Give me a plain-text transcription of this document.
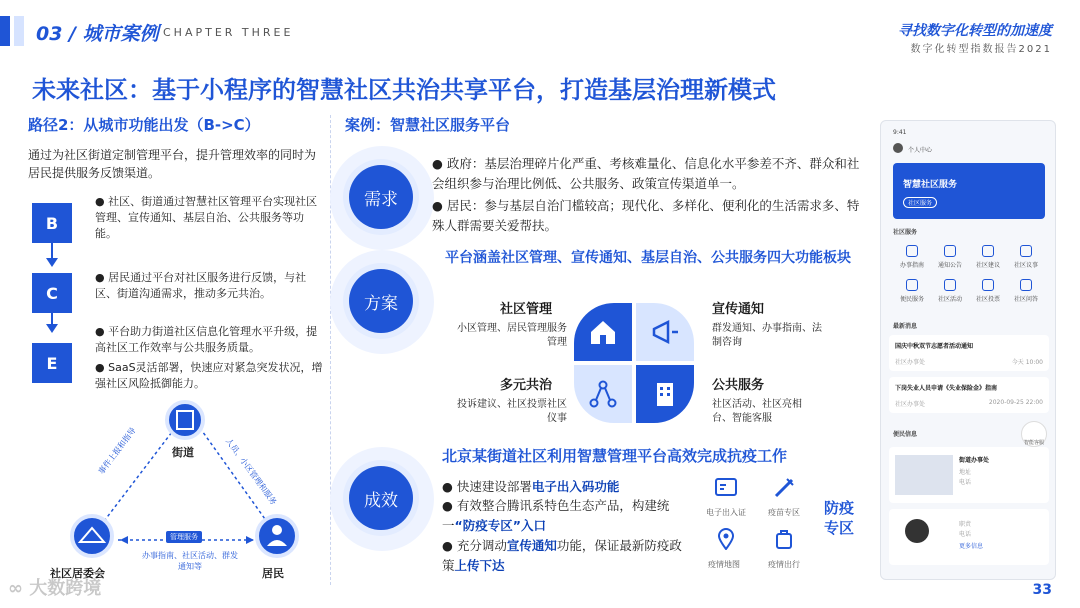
03 / 城市案例 CHAPTER THREE	寻找数字化转型的加速度
数字化转型指数报告2021
未来社区：基于小程序的智慧社区共治共享平台，打造基层治理新模式
路径2：从城市功能出发（B->C）
通过为社区街道定制管理平台，提升管理效率的同时为居民提供服务反馈渠道。
B
C
E
● 社区、街道通过智慧社区管理平台实现社区管理、宣传通知、基层自治、公共服务等功能。
● 居民通过平台对社区服务进行反馈，与社区、街道沟通需求，推动多元共治。
● 平台助力街道社区信息化管理水平升级，提高社区工作效率与公共服务质量。
● SaaS灵活部署，快速应对紧急突发状况，增强社区风险抵御能力。
街道
社区居委会	居民
事件上报和指导	人员、小区管理和服务
管理服务
办事指南、社区活动、群发通知等
案例：智慧社区服务平台
需求
● 政府：基层治理碎片化严重、考核难量化、信息化水平参差不齐、群众和社会组织参与治理比例低、公共服务、政策宣传渠道单一。
● 居民：参与基层自治门槛较高；现代化、多样化、便利化的生活需求多、特殊人群需要关爱帮扶。
方案
平台涵盖社区管理、宣传通知、基层自治、公共服务四大功能板块
社区管理
小区管理、居民管理服务管理
宣传通知
群发通知、办事指南、法制咨询
多元共治
投诉建议、社区投票社区仪事
公共服务
社区活动、社区亮相台、智能客服
北京某街道社区利用智慧管理平台高效完成抗疫工作
成效
● 快速建设部署电子出入码功能
● 有效整合腾讯系特色生态产品，构建统一“防疫专区”入口
● 充分调动宣传通知功能，保证最新防疫政策上传下达
电子出入证	疫苗专区
疫情地图	疫情出行
防疫专区
9:41
个人中心
智慧社区服务
社区服务
社区服务
办事指南 通知公告 社区建议 社区议事
便民服务 社区活动 社区投票 社区问答
最新消息
国庆中秋双节志愿者活动通知
社区办事处	今天 10:00
下岗失业人员申请《失业保险金》指南
社区办事处	2020-09-25 22:00
便民信息
智能客服
街道办事处
地址
电话
职责
电话
更多信息
∞ 大数跨境	33
